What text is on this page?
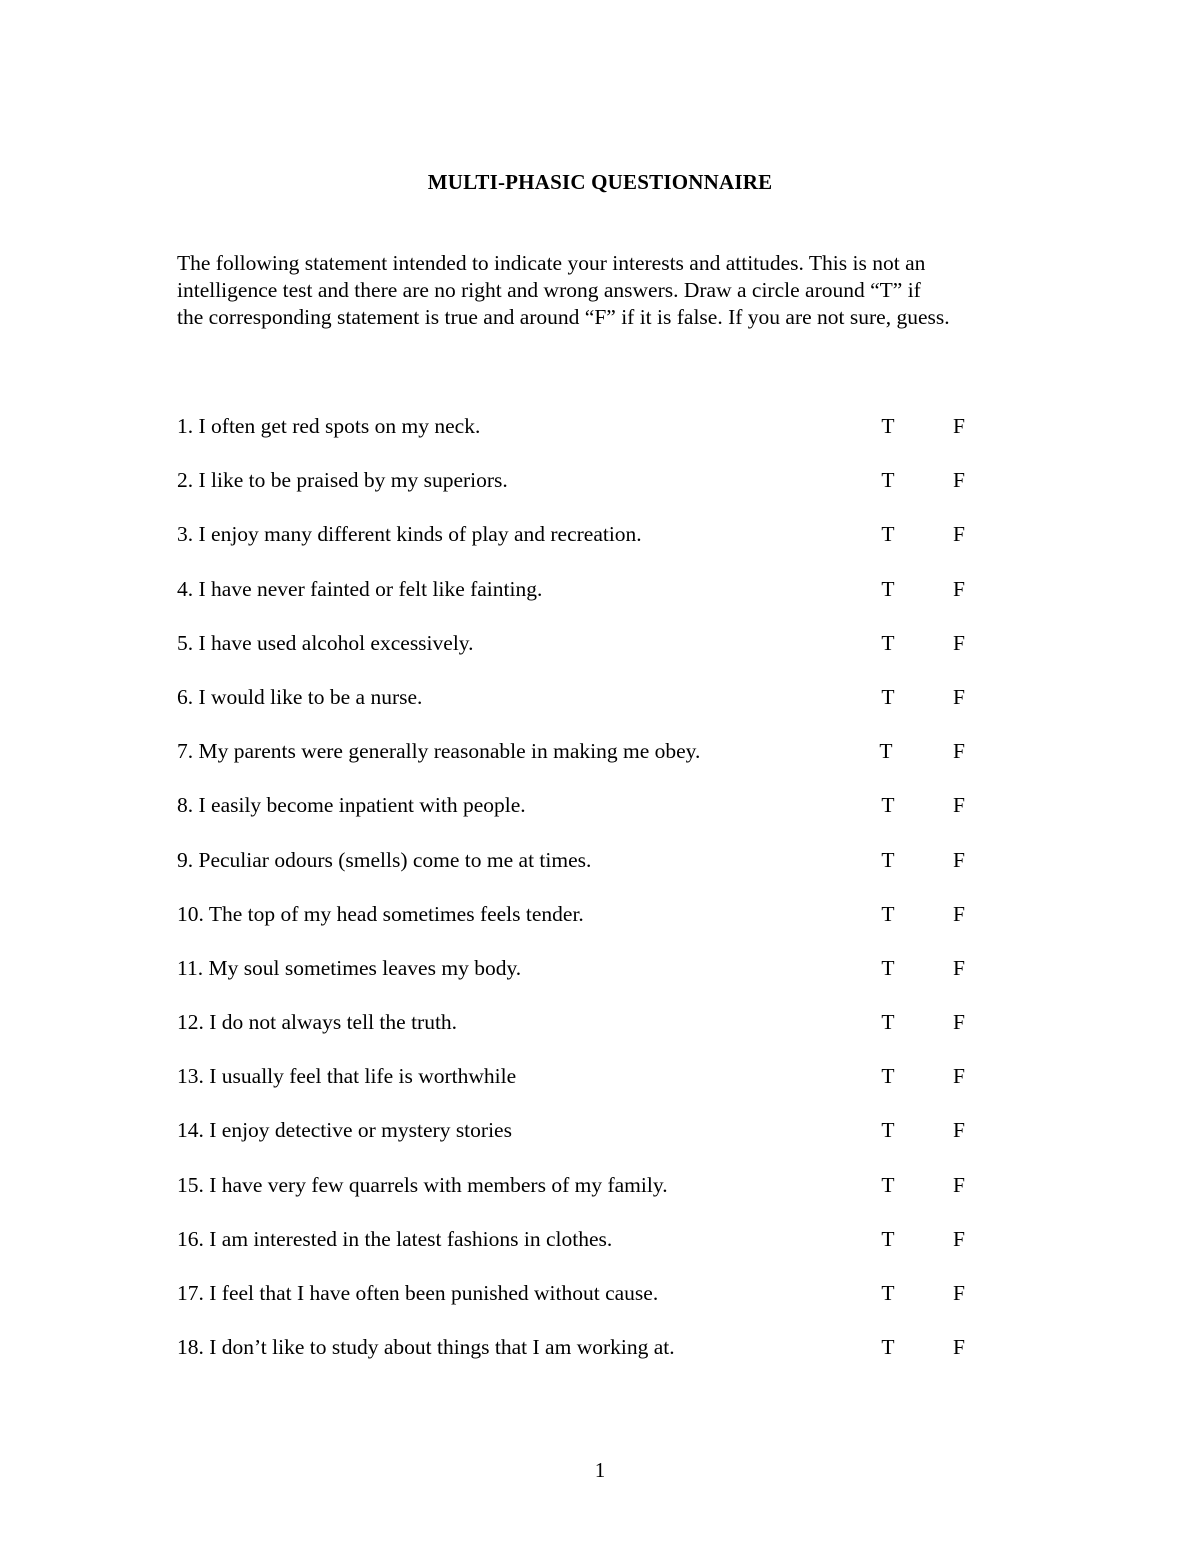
MULTI-PHASIC QUESTIONNAIRE

The following statement intended to indicate your interests and attitudes. This is not an

intelligence test and there are no right and wrong answers. Draw a circle around “T” if

the corresponding statement is true and around “F” if it is false. If you are not sure, guess.

1. I often get red spots on my neck.	T	F
2. I like to be praised by my superiors.	T	F
3. I enjoy many different kinds of play and recreation.	T	F
4. I have never fainted or felt like fainting.	T	F
5. I have used alcohol excessively.	T	F
6. I would like to be a nurse.	T	F
7. My parents were generally reasonable in making me obey.	T	F
8. I easily become inpatient with people.	T	F
9. Peculiar odours (smells) come to me at times.	T	F
10. The top of my head sometimes feels tender.	T	F
11. My soul sometimes leaves my body.	T	F
12. I do not always tell the truth.	T	F
13. I usually feel that life is worthwhile	T	F
14. I enjoy detective or mystery stories	T	F
15. I have very few quarrels with members of my family.	T	F
16. I am interested in the latest fashions in clothes.	T	F
17. I feel that I have often been punished without cause.	T	F
18. I don’t like to study about things that I am working at.	T	F
1
